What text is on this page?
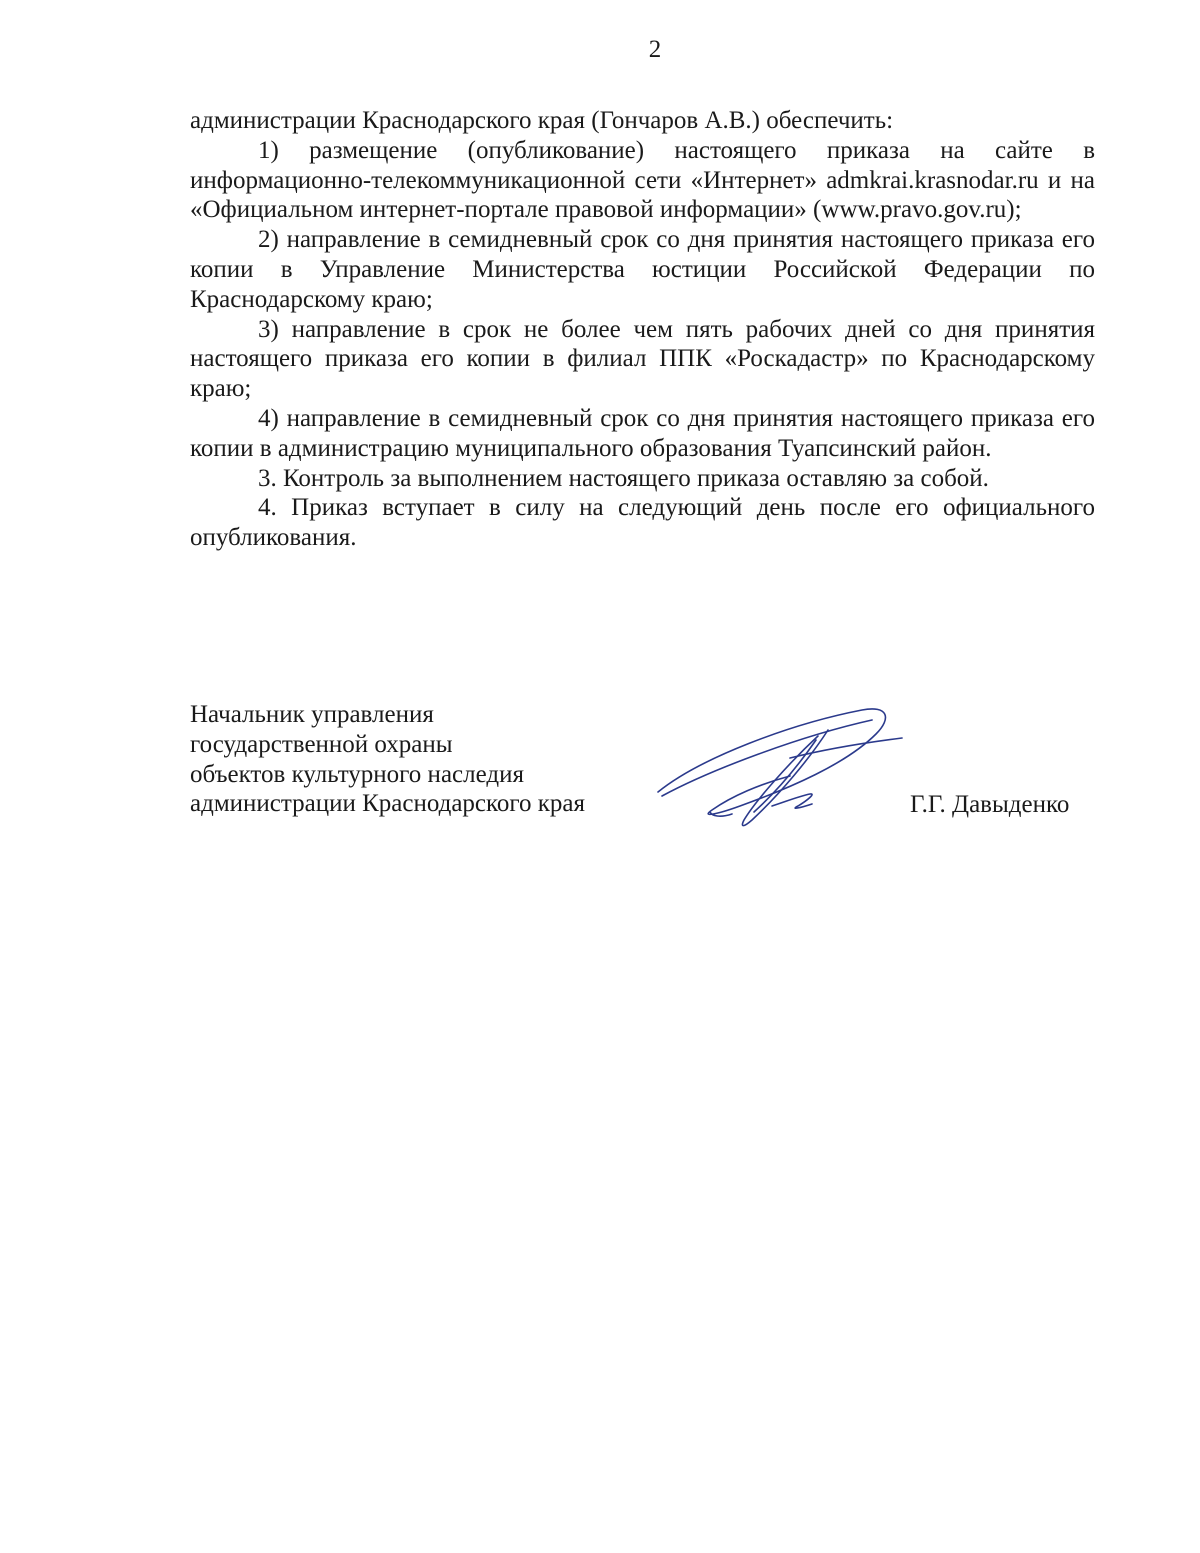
2

администрации Краснодарского края (Гончаров А.В.) обеспечить:

1) размещение (опубликование) настоящего приказа на сайте в информационно-телекоммуникационной сети «Интернет» admkrai.krasnodar.ru и на «Официальном интернет-портале правовой информации» (www.pravo.gov.ru);

2) направление в семидневный срок со дня принятия настоящего приказа его копии в Управление Министерства юстиции Российской Федерации по Краснодарскому краю;

3) направление в срок не более чем пять рабочих дней со дня принятия настоящего приказа его копии в филиал ППК «Роскадастр» по Краснодарскому краю;

4) направление в семидневный срок со дня принятия настоящего приказа его копии в администрацию муниципального образования Туапсинский район.

3. Контроль за выполнением настоящего приказа оставляю за собой.

4. Приказ вступает в силу на следующий день после его официального опубликования.

Начальник управления
государственной охраны
объектов культурного наследия
администрации Краснодарского края	Г.Г. Давыденко
